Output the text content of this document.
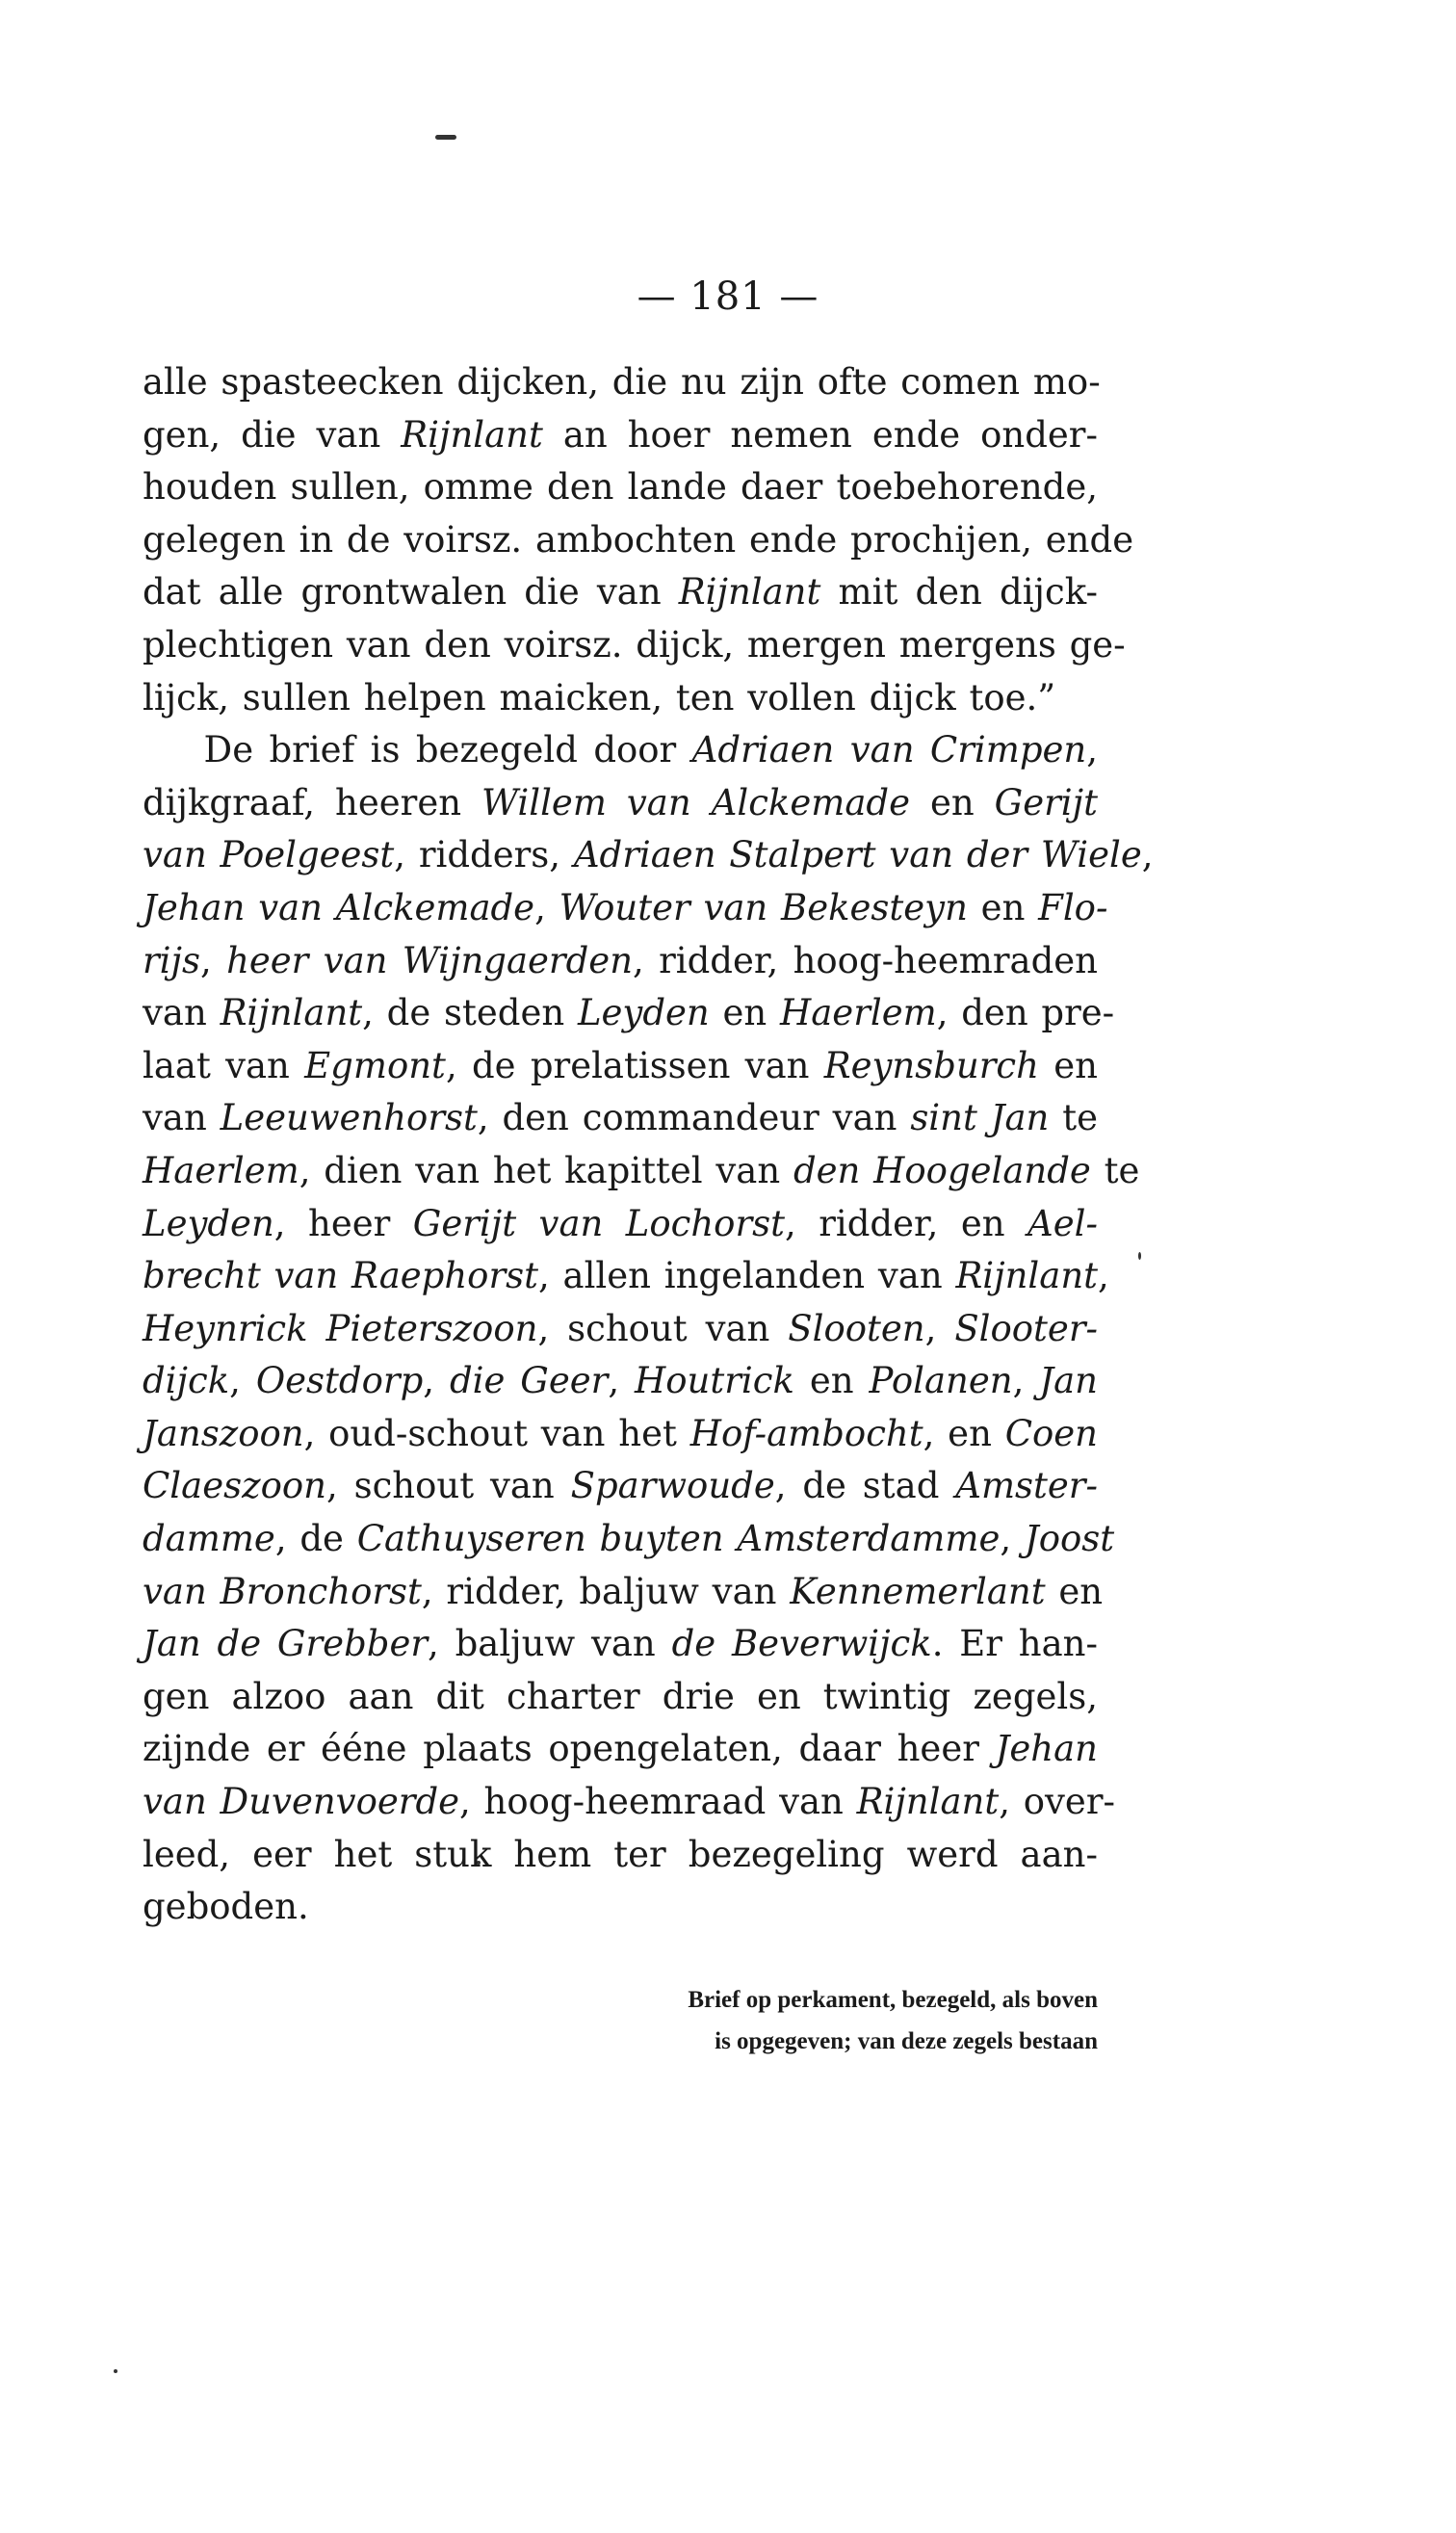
— 181 —
alle spasteecken dijcken, die nu zijn ofte comen mo-
gen, die van Rijnlant an hoer nemen ende onder-
houden sullen, omme den lande daer toebehorende,
gelegen in de voirsz. ambochten ende prochijen, ende
dat alle grontwalen die van Rijnlant mit den dijck-
plechtigen van den voirsz. dijck, mergen mergens ge-
lijck, sullen helpen maicken, ten vollen dijck toe.”
De brief is bezegeld door Adriaen van Crimpen,
dijkgraaf, heeren Willem van Alckemade en Gerijt
van Poelgeest, ridders, Adriaen Stalpert van der Wiele,
Jehan van Alckemade, Wouter van Bekesteyn en Flo-
rijs, heer van Wijngaerden, ridder, hoog-heemraden
van Rijnlant, de steden Leyden en Haerlem, den pre-
laat van Egmont, de prelatissen van Reynsburch en
van Leeuwenhorst, den commandeur van sint Jan te
Haerlem, dien van het kapittel van den Hoogelande te
Leyden, heer Gerijt van Lochorst, ridder, en Ael-
brecht van Raephorst, allen ingelanden van Rijnlant,
Heynrick Pieterszoon, schout van Slooten, Slooter-
dijck, Oestdorp, die Geer, Houtrick en Polanen, Jan
Janszoon, oud-schout van het Hof-ambocht, en Coen
Claeszoon, schout van Sparwoude, de stad Amster-
damme, de Cathuyseren buyten Amsterdamme, Joost
van Bronchorst, ridder, baljuw van Kennemerlant en
Jan de Grebber, baljuw van de Beverwijck. Er han-
gen alzoo aan dit charter drie en twintig zegels,
zijnde er ééne plaats opengelaten, daar heer Jehan
van Duvenvoerde, hoog-heemraad van Rijnlant, over-
leed, eer het stuk hem ter bezegeling werd aan-
geboden.
Brief op perkament, bezegeld, als boven
is opgegeven; van deze zegels bestaan
